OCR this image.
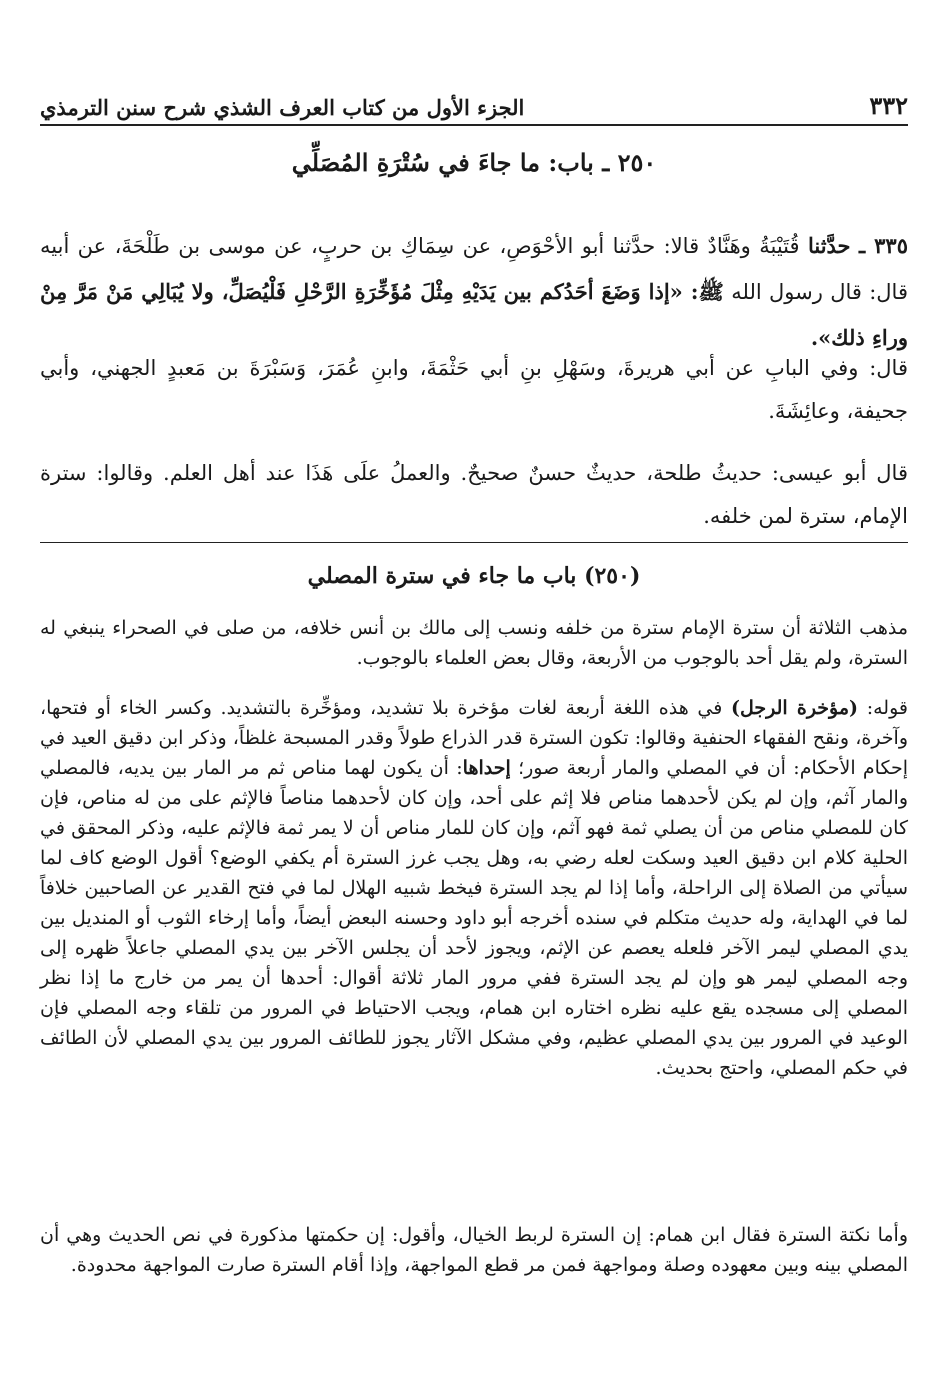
٣٣٢
الجزء الأول من كتاب العرف الشذي شرح سنن الترمذي
٢٥٠ ـ باب: ما جاءَ في سُتْرَةِ المُصَلِّي

٣٣٥ ـ حدَّثنا قُتَيْبَةُ وهَنَّادٌ قالا: حدَّثنا أبو الأحْوَصِ، عن سِمَاكِ بن حربٍ، عن موسى بن طَلْحَةَ، عن أبيه قال: قال رسول الله ﷺ: «إذا وَضَعَ أحَدُكم بين يَدَيْهِ مِثْلَ مُؤَخِّرَةِ الرَّحْلِ فَلْيُصَلِّ، ولا يُبَالِي مَنْ مَرَّ مِنْ وراءِ ذلك».

قال: وفي البابِ عن أبي هريرةَ، وسَهْلِ بنِ أبي حَثْمَةَ، وابنِ عُمَرَ، وَسَبْرَةَ بن مَعبدٍ الجهني، وأبي جحيفة، وعائِشَةَ.

قال أبو عيسى: حديثُ طلحة، حديثٌ حسنٌ صحيحٌ. والعملُ علَى هَذَا عند أهل العلم. وقالوا: سترة الإمام، سترة لمن خلفه.

(٢٥٠) باب ما جاء في سترة المصلي

مذهب الثلاثة أن سترة الإمام سترة من خلفه ونسب إلى مالك بن أنس خلافه، من صلى في الصحراء ينبغي له السترة، ولم يقل أحد بالوجوب من الأربعة، وقال بعض العلماء بالوجوب.

قوله: (مؤخرة الرجل) في هذه اللغة أربعة لغات مؤخرة بلا تشديد، ومؤخِّرة بالتشديد. وكسر الخاء أو فتحها، وآخرة، ونقح الفقهاء الحنفية وقالوا: تكون السترة قدر الذراع طولاً وقدر المسبحة غلظاً، وذكر ابن دقيق العيد في إحكام الأحكام: أن في المصلي والمار أربعة صور؛ إحداها: أن يكون لهما مناص ثم مر المار بين يديه، فالمصلي والمار آثم، وإن لم يكن لأحدهما مناص فلا إثم على أحد، وإن كان لأحدهما مناصاً فالإثم على من له مناص، فإن كان للمصلي مناص من أن يصلي ثمة فهو آثم، وإن كان للمار مناص أن لا يمر ثمة فالإثم عليه، وذكر المحقق في الحلية كلام ابن دقيق العيد وسكت لعله رضي به، وهل يجب غرز السترة أم يكفي الوضع؟ أقول الوضع كاف لما سيأتي من الصلاة إلى الراحلة، وأما إذا لم يجد السترة فيخط شبيه الهلال لما في فتح القدير عن الصاحبين خلافاً لما في الهداية، وله حديث متكلم في سنده أخرجه أبو داود وحسنه البعض أيضاً، وأما إرخاء الثوب أو المنديل بين يدي المصلي ليمر الآخر فلعله يعصم عن الإثم، ويجوز لأحد أن يجلس الآخر بين يدي المصلي جاعلاً ظهره إلى وجه المصلي ليمر هو وإن لم يجد السترة ففي مرور المار ثلاثة أقوال: أحدها أن يمر من خارج ما إذا نظر المصلي إلى مسجده يقع عليه نظره اختاره ابن همام، ويجب الاحتياط في المرور من تلقاء وجه المصلي فإن الوعيد في المرور بين يدي المصلي عظيم، وفي مشكل الآثار يجوز للطائف المرور بين يدي المصلي لأن الطائف في حكم المصلي، واحتج بحديث.

وأما نكتة السترة فقال ابن همام: إن السترة لربط الخيال، وأقول: إن حكمتها مذكورة في نص الحديث وهي أن المصلي بينه وبين معهوده وصلة ومواجهة فمن مر قطع المواجهة، وإذا أقام السترة صارت المواجهة محدودة.
